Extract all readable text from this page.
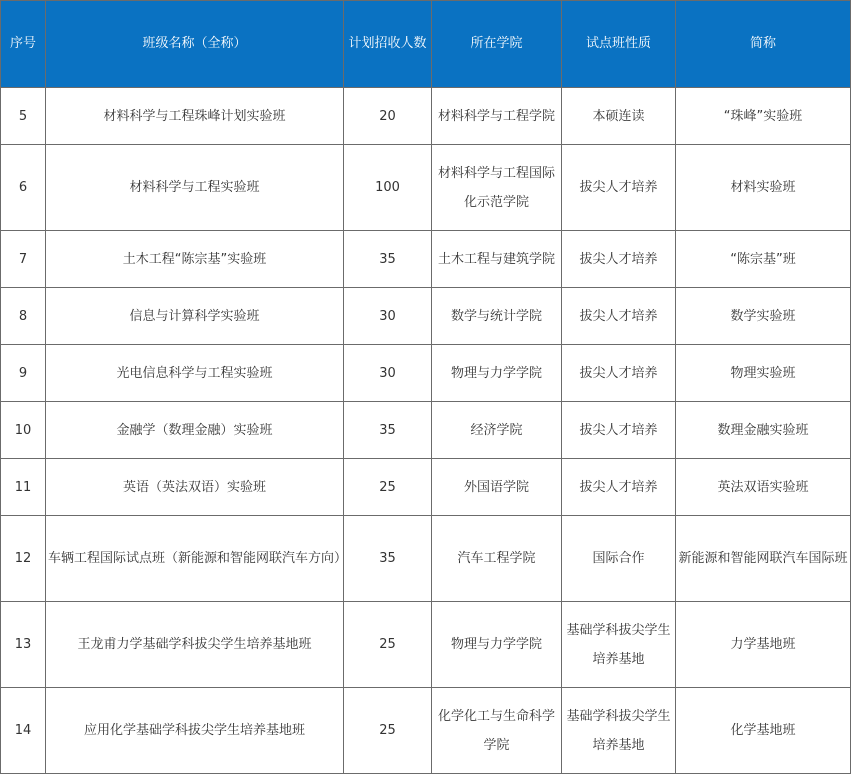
序号	班级名称（全称）	计划招收人数	所在学院	试点班性质	简称
5	材料科学与工程珠峰计划实验班	20	材料科学与工程学院	本硕连读	“珠峰”实验班
6	材料科学与工程实验班	100	材料科学与工程国际化示范学院	拔尖人才培养	材料实验班
7	土木工程“陈宗基”实验班	35	土木工程与建筑学院	拔尖人才培养	“陈宗基”班
8	信息与计算科学实验班	30	数学与统计学院	拔尖人才培养	数学实验班
9	光电信息科学与工程实验班	30	物理与力学学院	拔尖人才培养	物理实验班
10	金融学（数理金融）实验班	35	经济学院	拔尖人才培养	数理金融实验班
11	英语（英法双语）实验班	25	外国语学院	拔尖人才培养	英法双语实验班
12	车辆工程国际试点班（新能源和智能网联汽车方向）	35	汽车工程学院	国际合作	新能源和智能网联汽车国际班
13	王龙甫力学基础学科拔尖学生培养基地班	25	物理与力学学院	基础学科拔尖学生培养基地	力学基地班
14	应用化学基础学科拔尖学生培养基地班	25	化学化工与生命科学学院	基础学科拔尖学生培养基地	化学基地班
